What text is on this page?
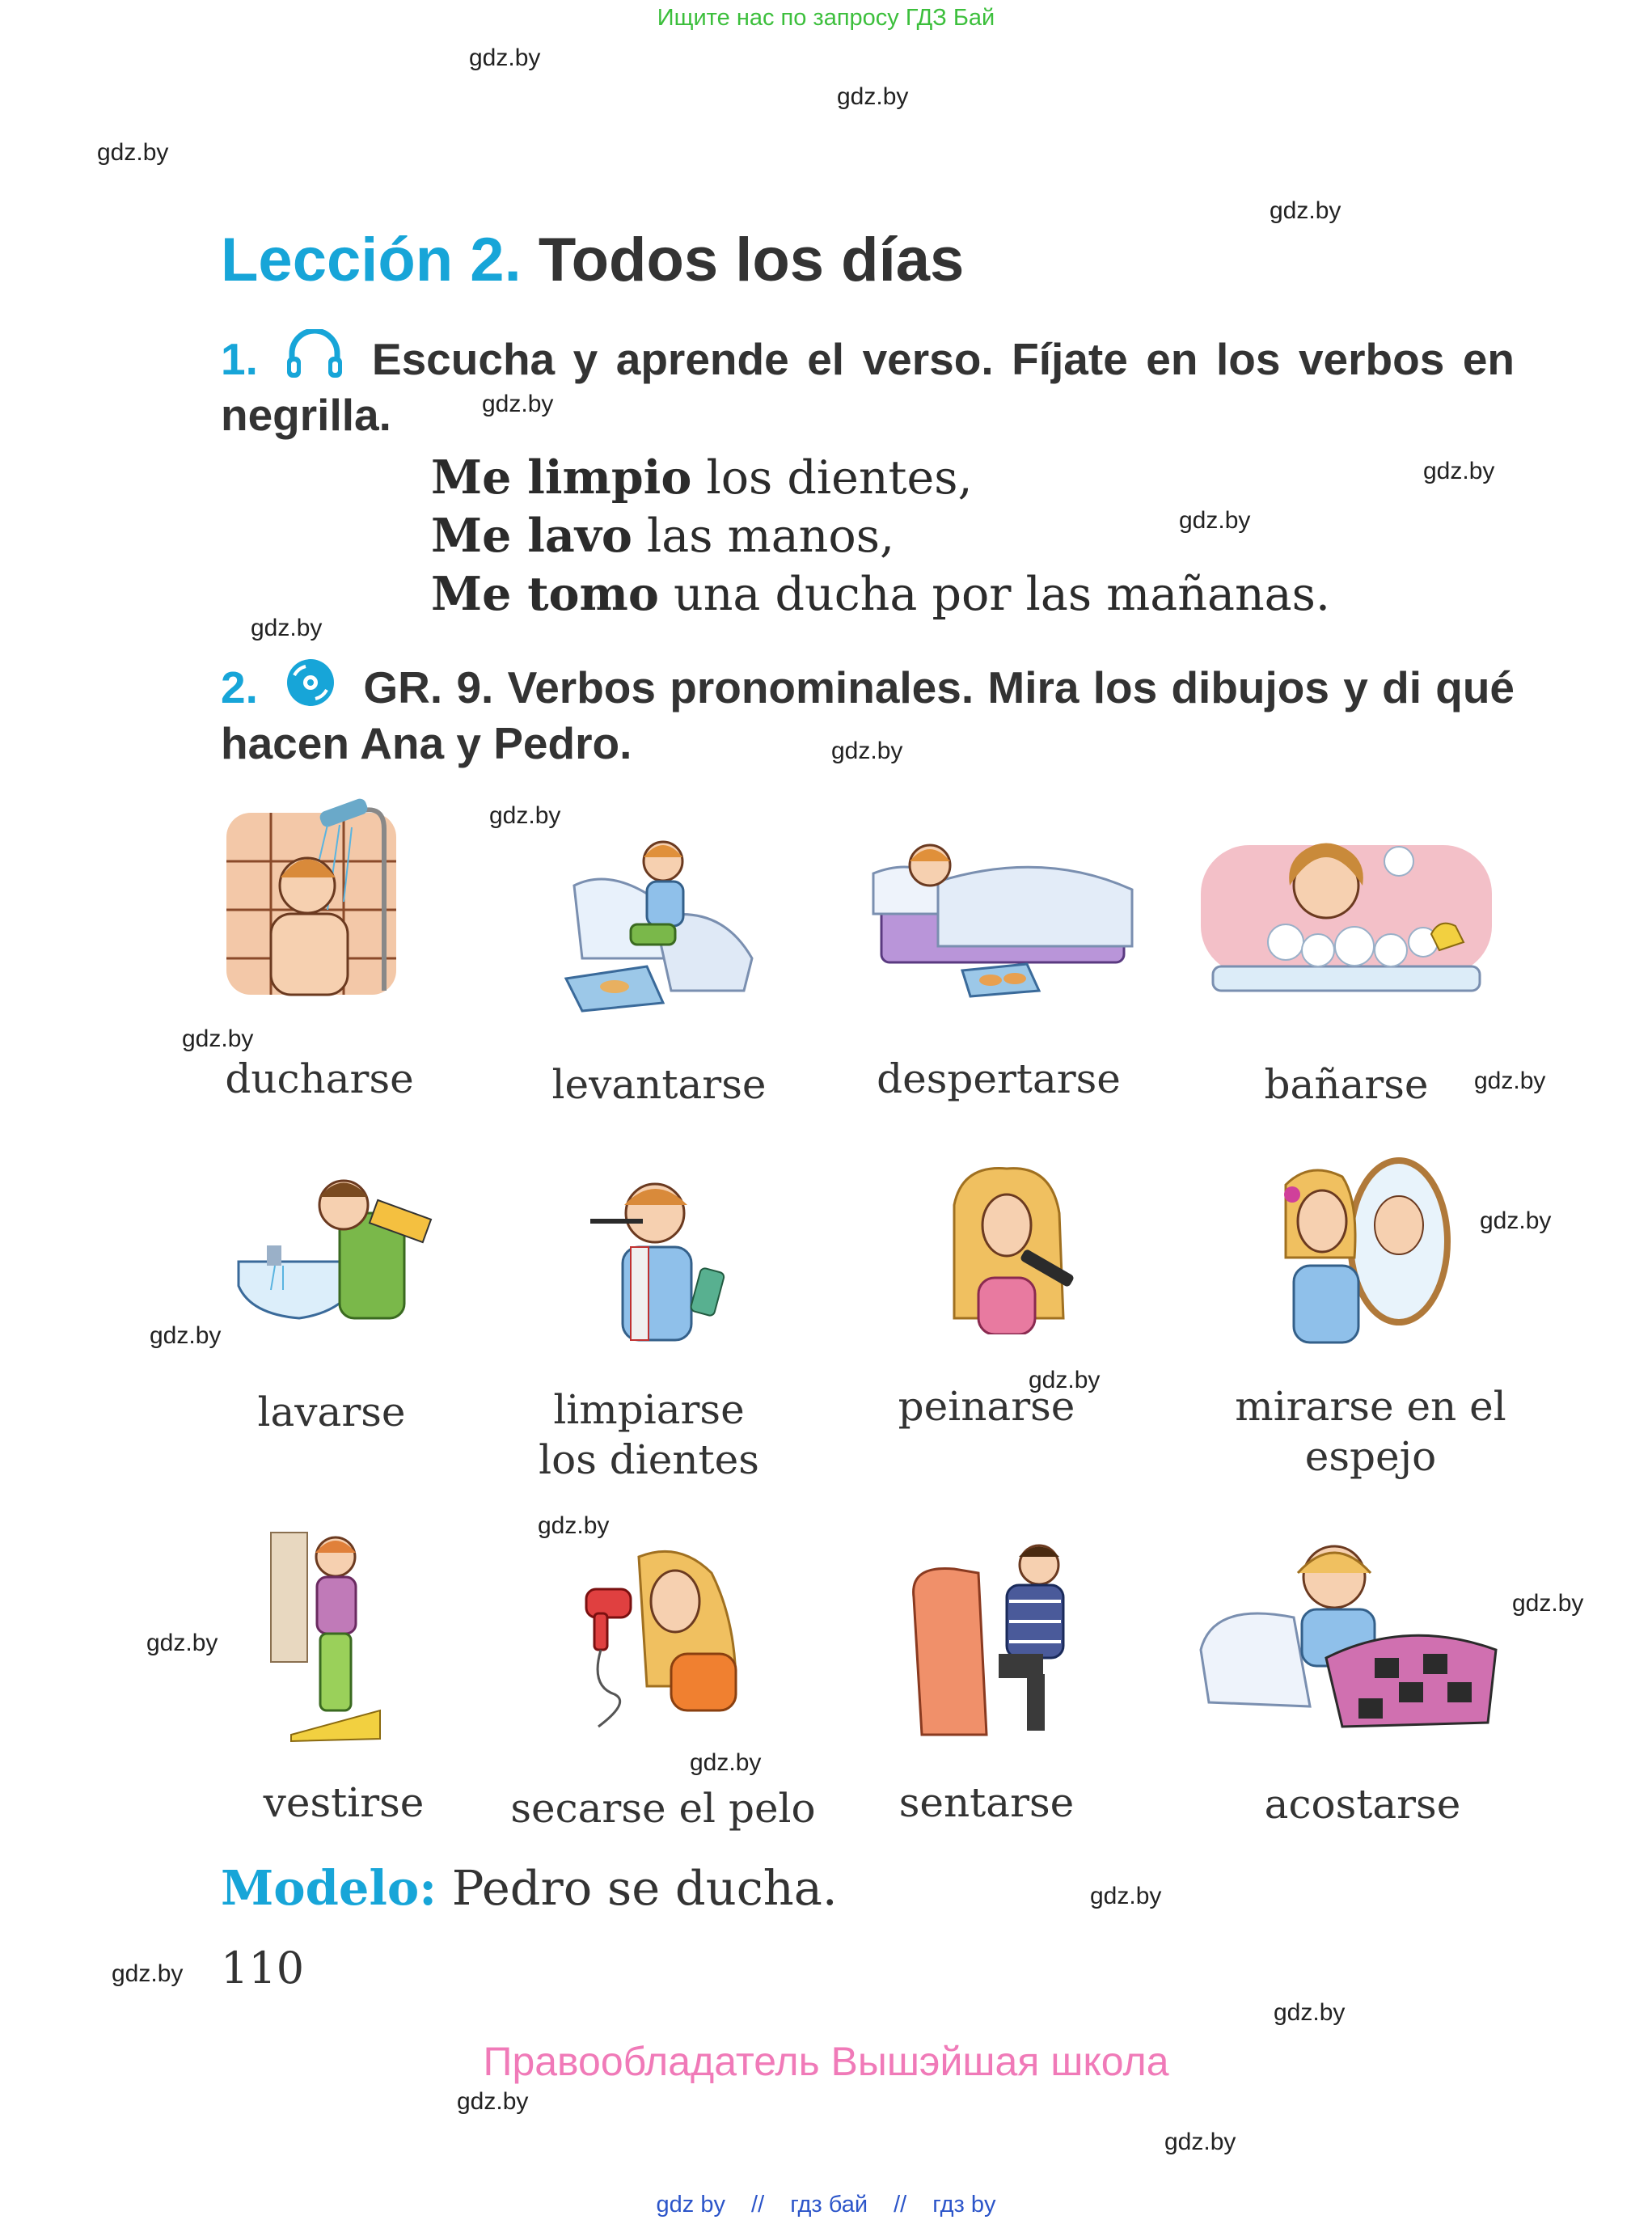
Ищите нас по запросу ГДЗ Бай
gdz.by
gdz.by
gdz.by
gdz.by
gdz.by
gdz.by
gdz.by
gdz.by
gdz.by
gdz.by
gdz.by
gdz.by
gdz.by
gdz.by
gdz.by
gdz.by
gdz.by
gdz.by
gdz.by
gdz.by
gdz.by
gdz.by
gdz.by
gdz.by
Lección 2. Todos los días
1.	Escucha y aprende el verso. Fíjate en los verbos en negrilla.
Me limpio los dientes,
Me lavo las manos,
Me tomo una ducha por las mañanas.
2. GR. 9. Verbos pronominales. Mira los dibujos y di qué hacen Ana y Pedro.
ducharse	levantarse	despertarse	bañarse
lavarse	limpiarse
los dientes
peinarse	mirarse en el
espejo
vestirse	secarse el pelo	sentarse	acostarse
Modelo: Pedro se ducha.
110
Правообладатель Вышэйшая школа
gdz by // гдз бай // гдз by
